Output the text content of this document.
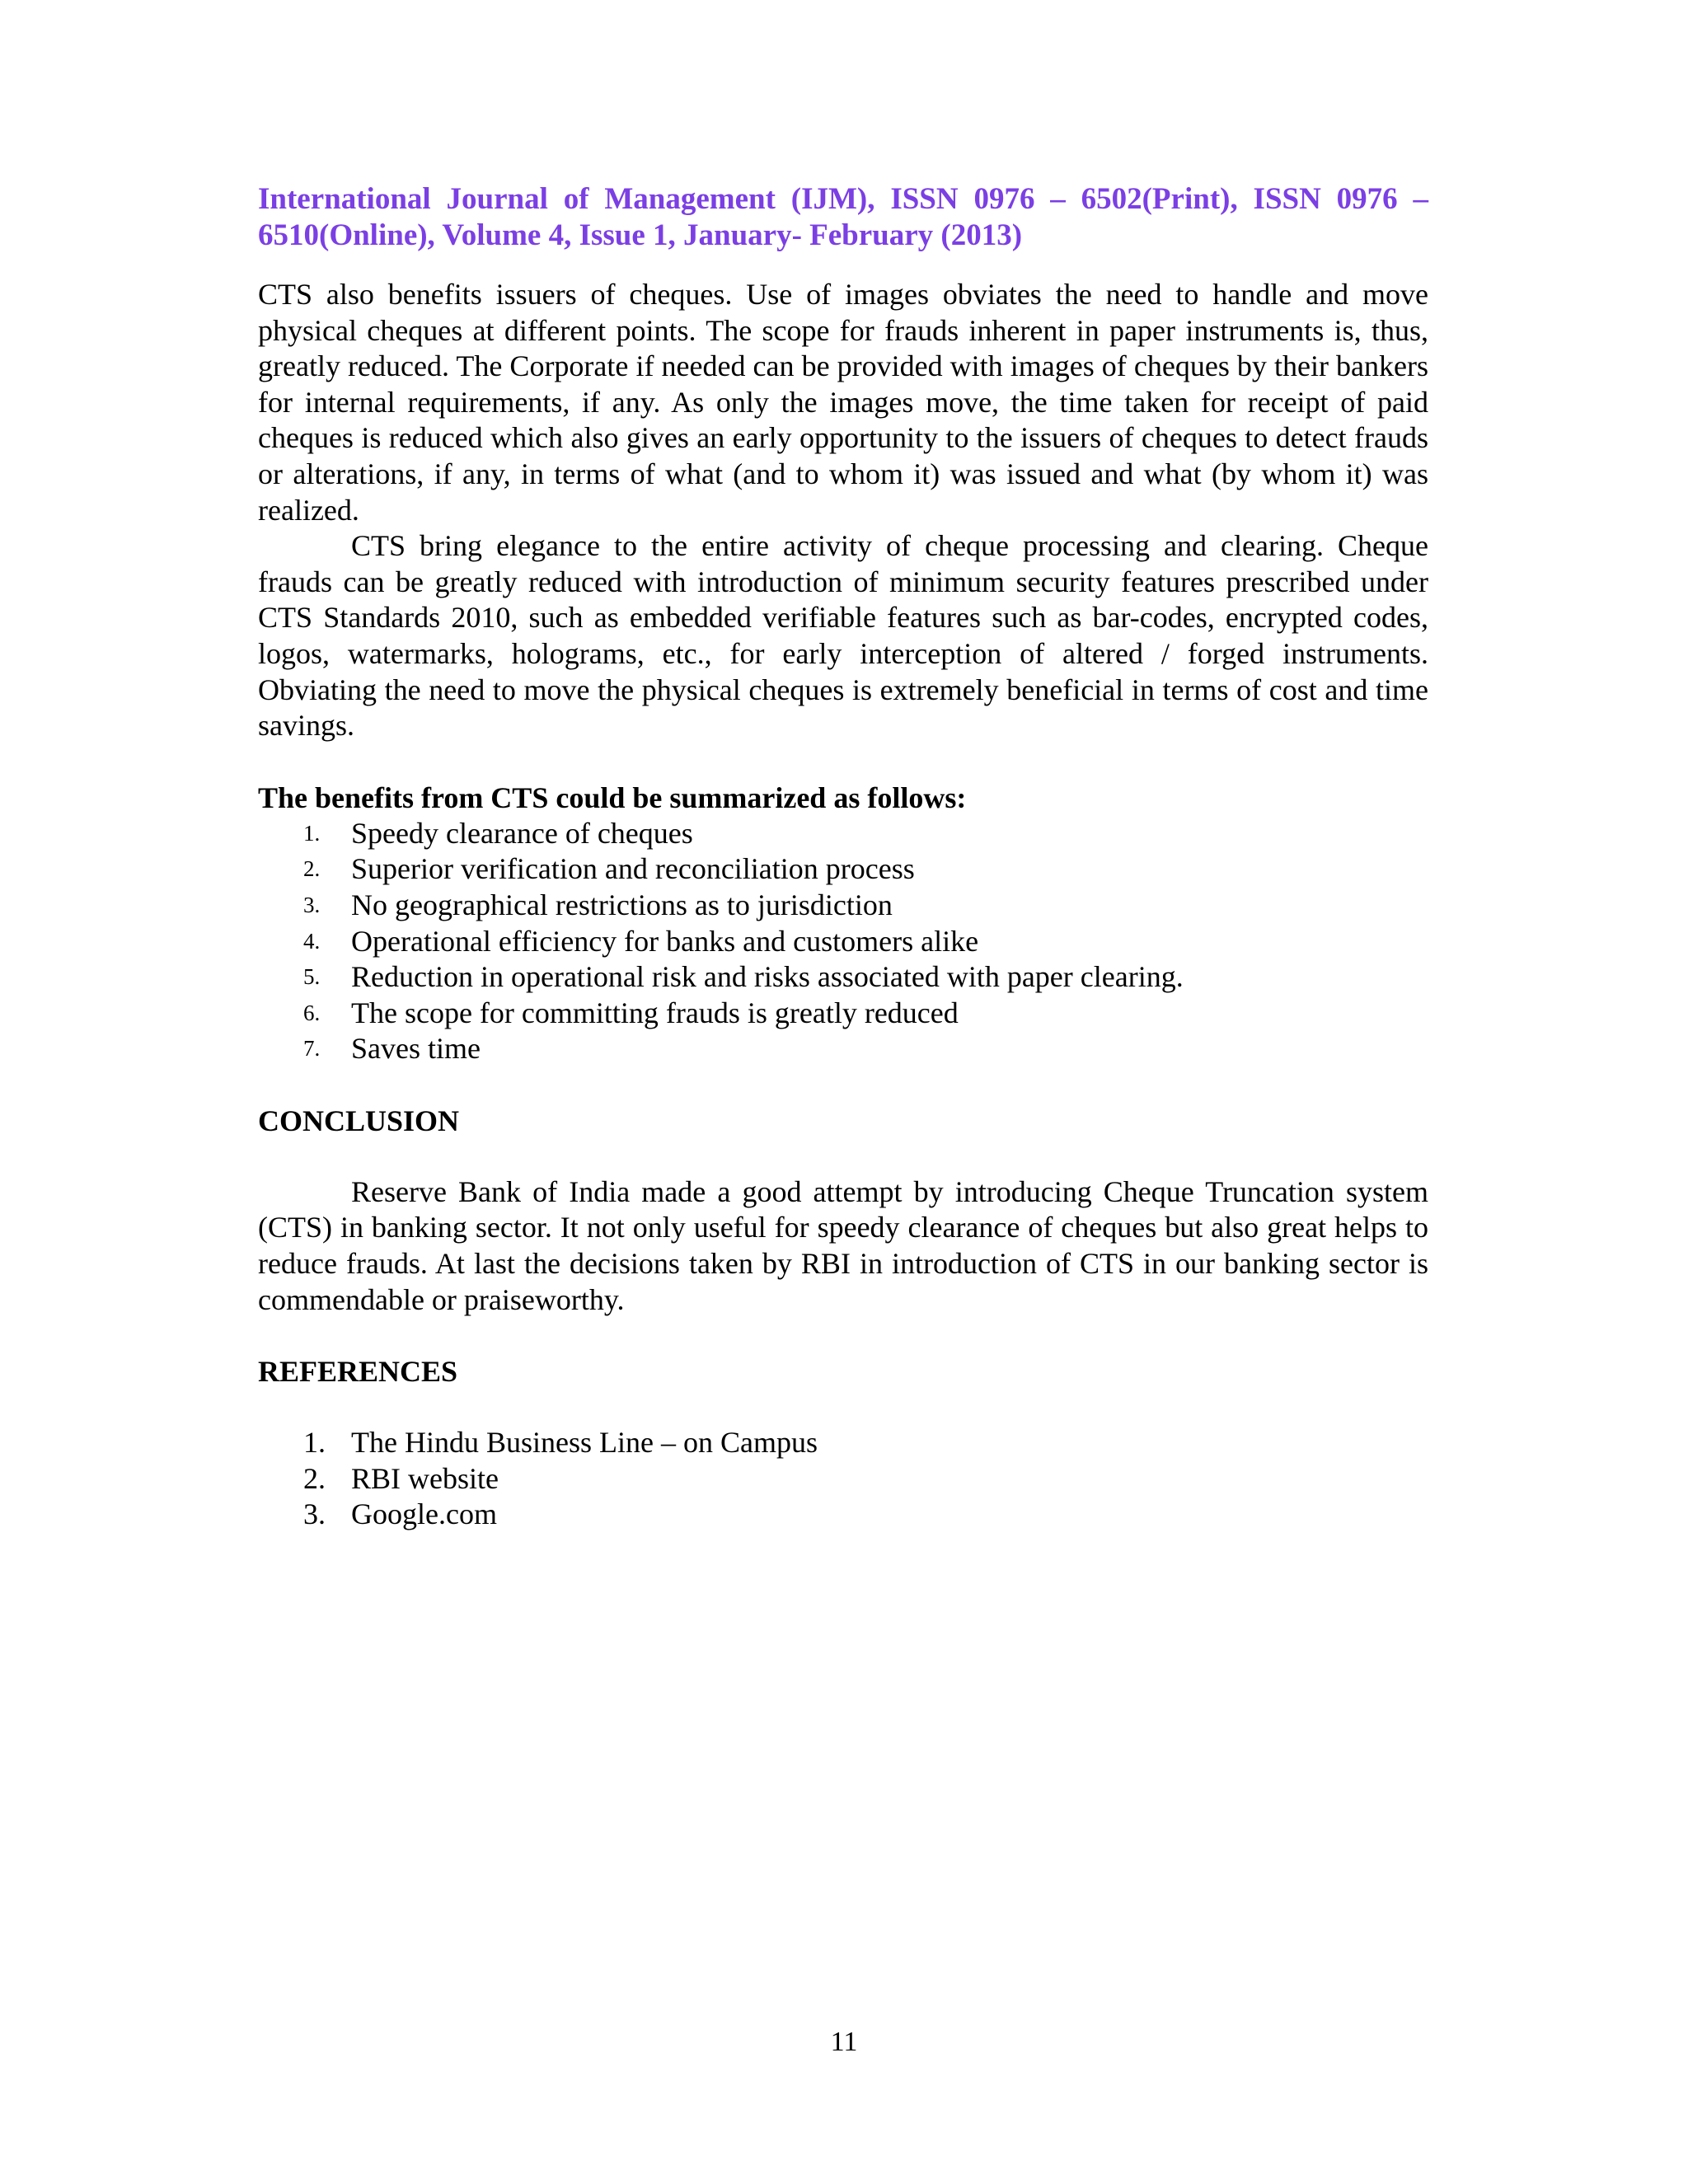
International Journal of Management (IJM), ISSN 0976 – 6502(Print), ISSN 0976 –
6510(Online), Volume 4, Issue 1, January- February (2013)

CTS also benefits issuers of cheques. Use of images obviates the need to handle and move physical cheques at different points. The scope for frauds inherent in paper instruments is, thus, greatly reduced. The Corporate if needed can be provided with images of cheques by their bankers for internal requirements, if any. As only the images move, the time taken for receipt of paid cheques is reduced which also gives an early opportunity to the issuers of cheques to detect frauds or alterations, if any, in terms of what (and to whom it) was issued and what (by whom it) was realized.

CTS bring elegance to the entire activity of cheque processing and clearing. Cheque frauds can be greatly reduced with introduction of minimum security features prescribed under CTS Standards 2010, such as embedded verifiable features such as bar-codes, encrypted codes, logos, watermarks, holograms, etc., for early interception of altered / forged instruments. Obviating the need to move the physical cheques is extremely beneficial in terms of cost and time savings.

The benefits from CTS could be summarized as follows:
1.	Speedy clearance of cheques
2.	Superior verification and reconciliation process
3.	No geographical restrictions as to jurisdiction
4.	Operational efficiency for banks and customers alike
5.	Reduction in operational risk and risks associated with paper clearing.
6.	The scope for committing frauds is greatly reduced
7.	Saves time
CONCLUSION

Reserve Bank of India made a good attempt by introducing Cheque Truncation system (CTS) in banking sector. It not only useful for speedy clearance of cheques but also great helps to reduce frauds. At last the decisions taken by RBI in introduction of CTS in our banking sector is commendable or praiseworthy.

REFERENCES
1. The Hindu Business Line – on Campus
2. RBI website
3. Google.com
11
